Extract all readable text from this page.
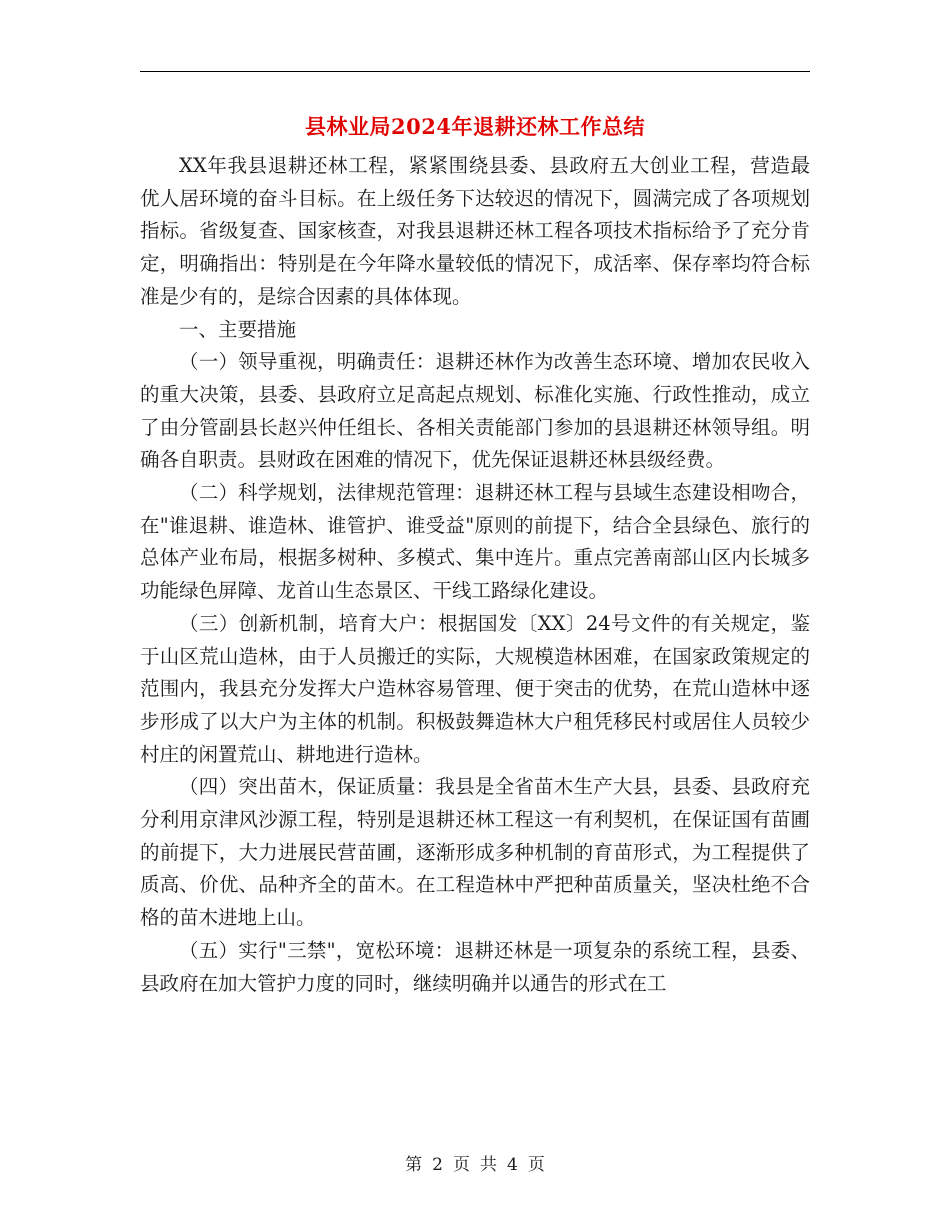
县林业局2024年退耕还林工作总结

XX年我县退耕还林工程，紧紧围绕县委、县政府五大创业工程，营造最优人居环境的奋斗目标。在上级任务下达较迟的情况下，圆满完成了各项规划指标。省级复查、国家核查，对我县退耕还林工程各项技术指标给予了充分肯定，明确指出：特别是在今年降水量较低的情况下，成活率、保存率均符合标准是少有的，是综合因素的具体体现。

一、主要措施

（一）领导重视，明确责任：退耕还林作为改善生态环境、增加农民收入的重大决策，县委、县政府立足高起点规划、标准化实施、行政性推动，成立了由分管副县长赵兴仲任组长、各相关责能部门参加的县退耕还林领导组。明确各自职责。县财政在困难的情况下，优先保证退耕还林县级经费。

（二）科学规划，法律规范管理：退耕还林工程与县域生态建设相吻合，在"谁退耕、谁造林、谁管护、谁受益"原则的前提下，结合全县绿色、旅行的总体产业布局，根据多树种、多模式、集中连片。重点完善南部山区内长城多功能绿色屏障、龙首山生态景区、干线工路绿化建设。

（三）创新机制，培育大户：根据国发〔XX〕24号文件的有关规定，鉴于山区荒山造林，由于人员搬迁的实际，大规模造林困难，在国家政策规定的范围内，我县充分发挥大户造林容易管理、便于突击的优势，在荒山造林中逐步形成了以大户为主体的机制。积极鼓舞造林大户租凭移民村或居住人员较少村庄的闲置荒山、耕地进行造林。

（四）突出苗木，保证质量：我县是全省苗木生产大县，县委、县政府充分利用京津风沙源工程，特别是退耕还林工程这一有利契机，在保证国有苗圃的前提下，大力进展民营苗圃，逐渐形成多种机制的育苗形式，为工程提供了质高、价优、品种齐全的苗木。在工程造林中严把种苗质量关，坚决杜绝不合格的苗木进地上山。

（五）实行"三禁"，宽松环境：退耕还林是一项复杂的系统工程，县委、县政府在加大管护力度的同时，继续明确并以通告的形式在工

第 2 页 共 4 页
